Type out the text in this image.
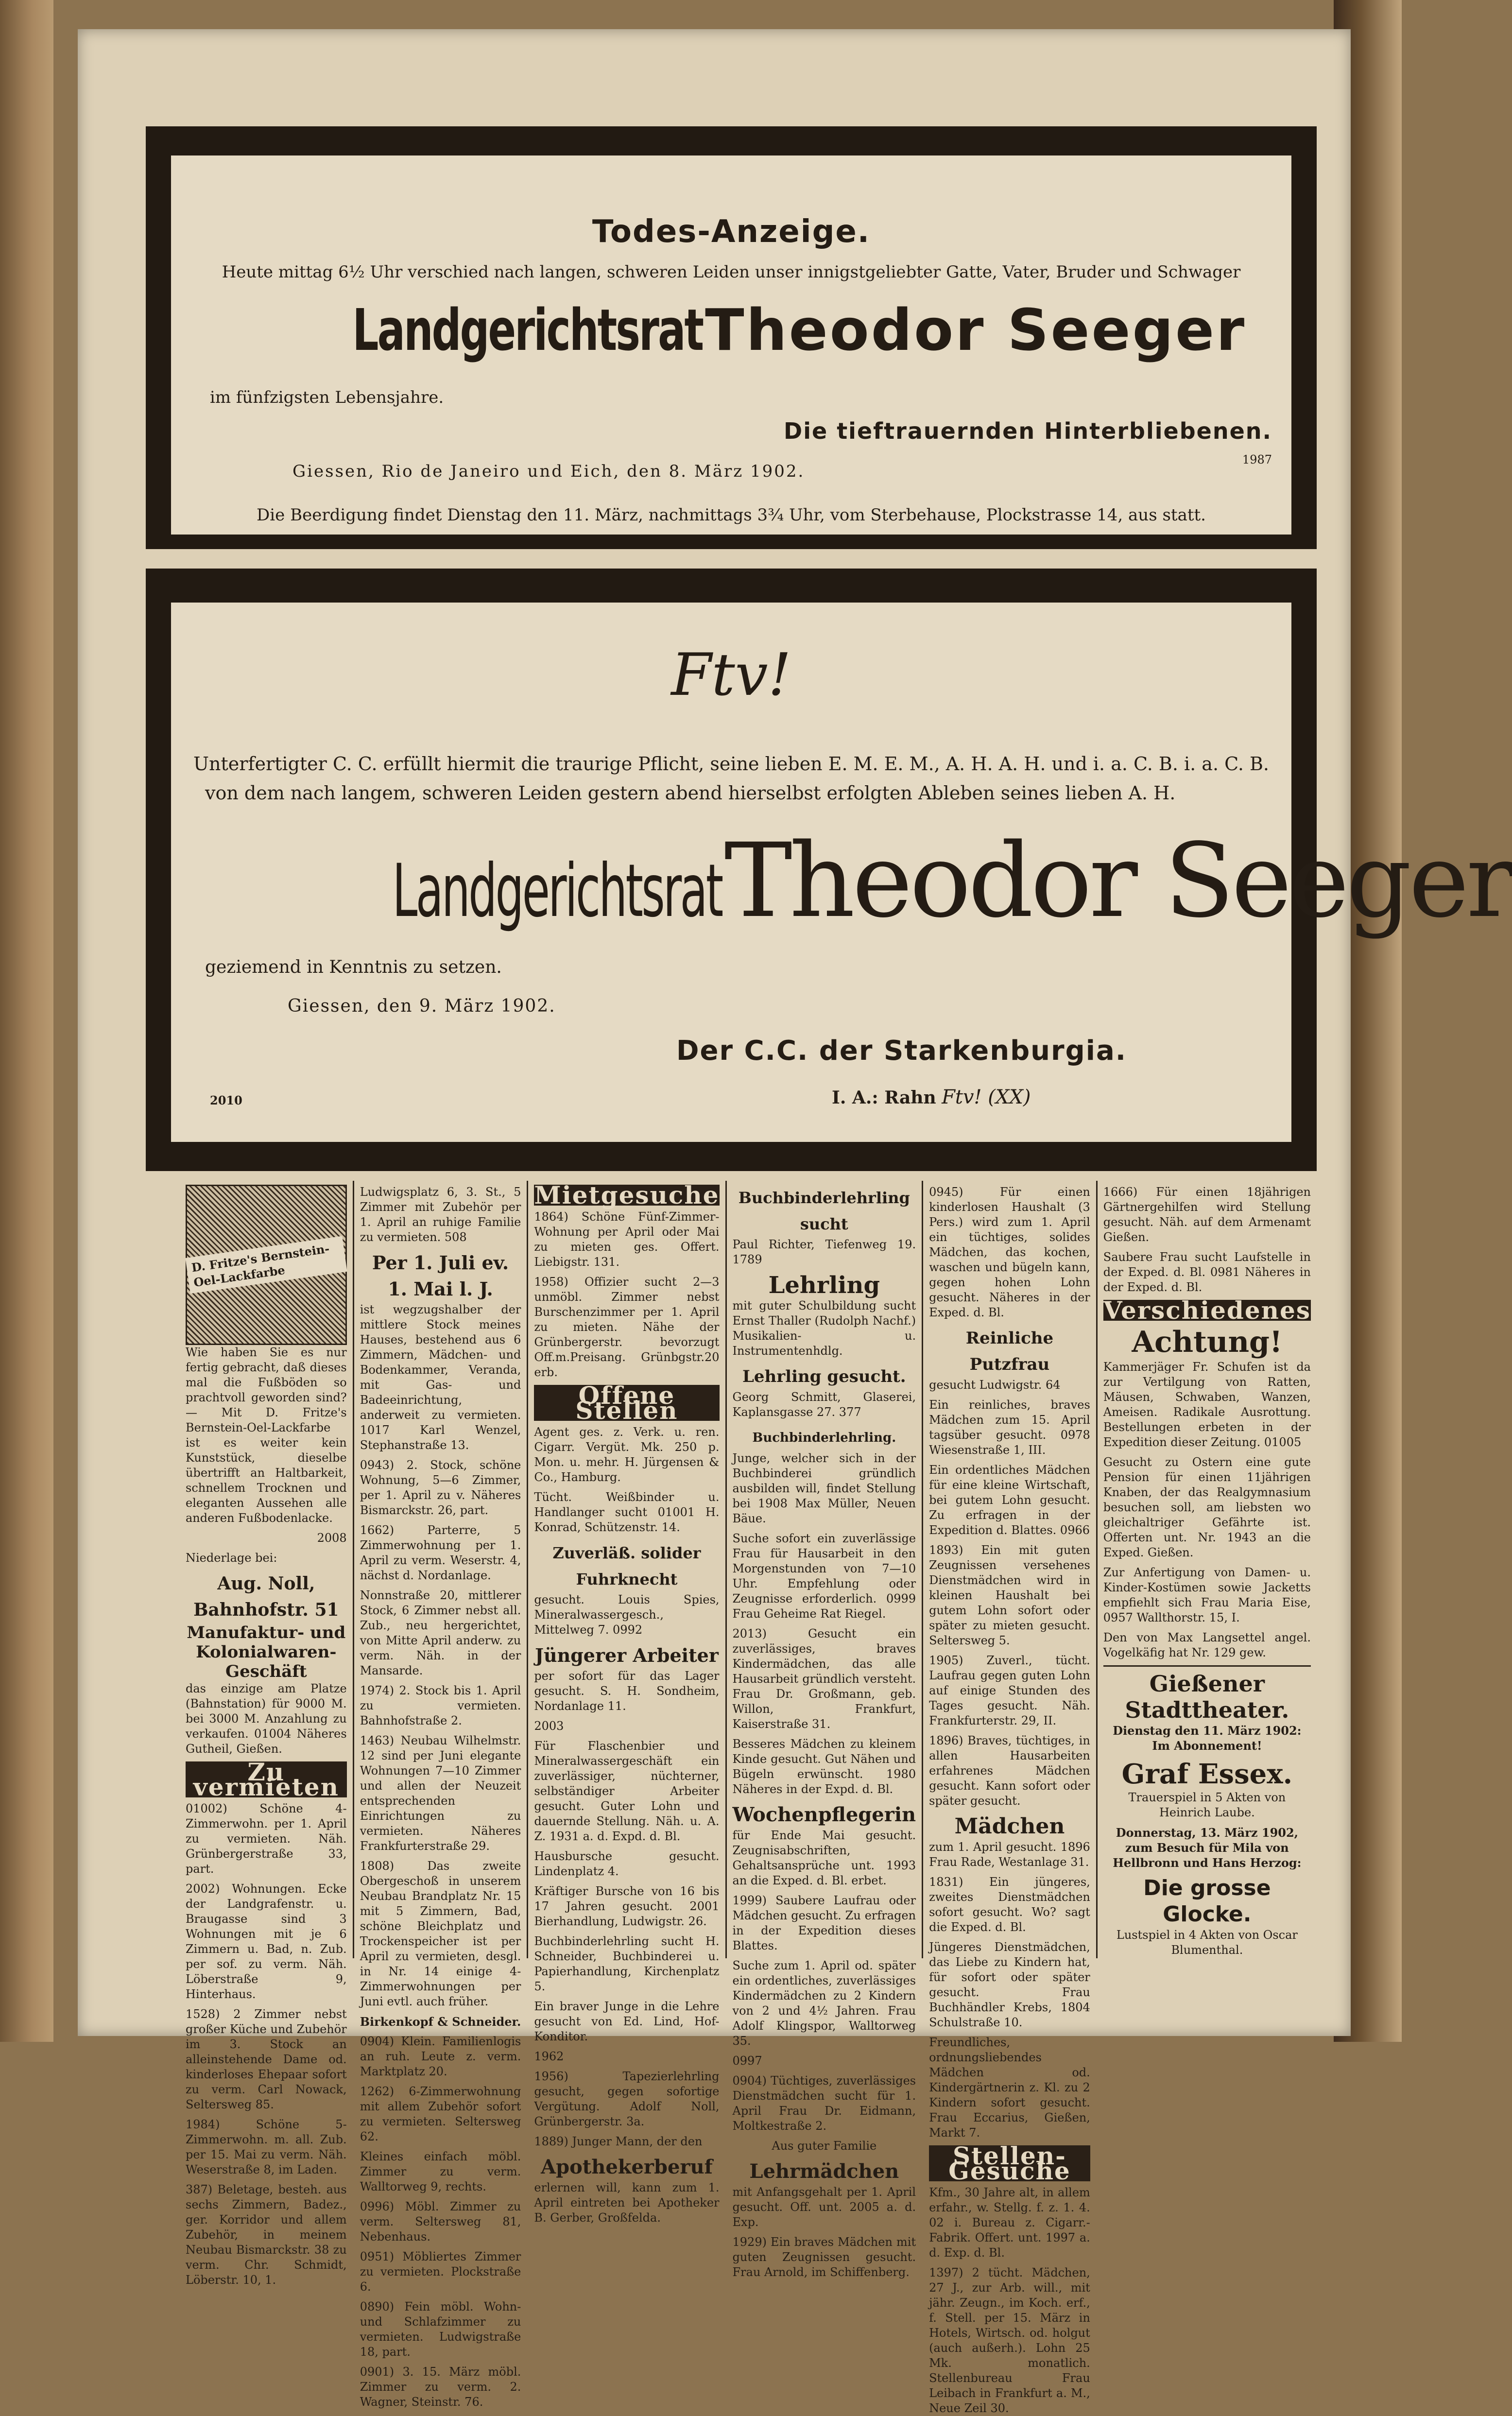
Todes-Anzeige.
Heute mittag 6½ Uhr verschied nach langen, schweren Leiden unser innigstgeliebter Gatte, Vater, Bruder und Schwager
Landgerichtsrat Theodor Seeger
im fünfzigsten Lebensjahre.
Die tieftrauernden Hinterbliebenen.
Giessen, Rio de Janeiro und Eich, den 8. März 1902.
1987
Die Beerdigung findet Dienstag den 11. März, nachmittags 3¾ Uhr, vom Sterbehause, Plockstrasse 14, aus statt.
Ftv!
Unterfertigter C. C. erfüllt hiermit die traurige Pflicht, seine lieben E. M. E. M., A. H. A. H. und i. a. C. B. i. a. C. B.
von dem nach langem, schweren Leiden gestern abend hierselbst erfolgten Ableben seines lieben A. H.
Landgerichtsrat Theodor Seeger
geziemend in Kenntnis zu setzen.
Giessen, den 9. März 1902.
Der C.C. der Starkenburgia.
I. A.: Rahn Ftv! (XX)
2010
D. Fritze's Bernstein-Oel-Lackfarbe

Wie haben Sie es nur fertig gebracht, daß dieses mal die Fußböden so prachtvoll geworden sind? — Mit D. Fritze's Bernstein-Oel-Lackfarbe ist es weiter kein Kunststück, dieselbe übertrifft an Haltbarkeit, schnellem Trocknen und eleganten Aussehen alle anderen Fußbodenlacke.

2008

Niederlage bei:

Aug. Noll, Bahnhofstr. 51
Manufaktur- und Kolonialwaren-Geschäft

das einzige am Platze (Bahnstation) für 9000 M. bei 3000 M. Anzahlung zu verkaufen. 01004 Näheres Gutheil, Gießen.

Zu vermieten

01002) Schöne 4-Zimmerwohn. per 1. April zu vermieten. Näh. Grünbergerstraße 33, part.

2002) Wohnungen. Ecke der Landgrafenstr. u. Braugasse sind 3 Wohnungen mit je 6 Zimmern u. Bad, n. Zub. per sof. zu verm. Näh. Löberstraße 9, Hinterhaus.

1528) 2 Zimmer nebst großer Küche und Zubehör im 3. Stock an alleinstehende Dame od. kinderloses Ehepaar sofort zu verm. Carl Nowack, Seltersweg 85.

1984) Schöne 5-Zimmerwohn. m. all. Zub. per 15. Mai zu verm. Näh. Weserstraße 8, im Laden.

387) Beletage, besteh. aus sechs Zimmern, Badez., ger. Korridor und allem Zubehör, in meinem Neubau Bismarckstr. 38 zu verm. Chr. Schmidt, Löberstr. 10, 1.

Ludwigsplatz 6, 3. St., 5 Zimmer mit Zubehör per 1. April an ruhige Familie zu vermieten. 508

Per 1. Juli ev. 1. Mai l. J.

ist wegzugshalber der mittlere Stock meines Hauses, bestehend aus 6 Zimmern, Mädchen- und Bodenkammer, Veranda, mit Gas- und Badeeinrichtung, anderweit zu vermieten. 1017 Karl Wenzel, Stephanstraße 13.

0943) 2. Stock, schöne Wohnung, 5—6 Zimmer, per 1. April zu v. Näheres Bismarckstr. 26, part.

1662) Parterre, 5 Zimmerwohnung per 1. April zu verm. Weserstr. 4, nächst d. Nordanlage.

Nonnstraße 20, mittlerer Stock, 6 Zimmer nebst all. Zub., neu hergerichtet, von Mitte April anderw. zu verm. Näh. in der Mansarde.

1974) 2. Stock bis 1. April zu vermieten. Bahnhofstraße 2.

1463) Neubau Wilhelmstr. 12 sind per Juni elegante Wohnungen 7—10 Zimmer und allen der Neuzeit entsprechenden Einrichtungen zu vermieten. Näheres Frankfurterstraße 29.

1808) Das zweite Obergeschoß in unserem Neubau Brandplatz Nr. 15 mit 5 Zimmern, Bad, schöne Bleichplatz und Trockenspeicher ist per April zu vermieten, desgl. in Nr. 14 einige 4-Zimmerwohnungen per Juni evtl. auch früher.

Birkenkopf & Schneider.

0904) Klein. Familienlogis an ruh. Leute z. verm. Marktplatz 20.

1262) 6-Zimmerwohnung mit allem Zubehör sofort zu vermieten. Seltersweg 62.

Kleines einfach möbl. Zimmer zu verm. Walltorweg 9, rechts.

0996) Möbl. Zimmer zu verm. Seltersweg 81, Nebenhaus.

0951) Möbliertes Zimmer zu vermieten. Plockstraße 6.

0890) Fein möbl. Wohn- und Schlafzimmer zu vermieten. Ludwigstraße 18, part.

0901) 3. 15. März möbl. Zimmer zu verm. 2. Wagner, Steinstr. 76.

Mietgesuche

1864) Schöne Fünf-Zimmer-Wohnung per April oder Mai zu mieten ges. Offert. Liebigstr. 131.

1958) Offizier sucht 2—3 unmöbl. Zimmer nebst Burschenzimmer per 1. April zu mieten. Nähe der Grünbergerstr. bevorzugt Off.m.Preisang. Grünbgstr.20 erb.

Offene Stellen

Agent ges. z. Verk. u. ren. Cigarr. Vergüt. Mk. 250 p. Mon. u. mehr. H. Jürgensen & Co., Hamburg.

Tücht. Weißbinder u. Handlanger sucht 01001 H. Konrad, Schützenstr. 14.

Zuverläß. solider Fuhrknecht

gesucht. Louis Spies, Mineralwassergesch., Mittelweg 7. 0992

Jüngerer Arbeiter

per sofort für das Lager gesucht. S. H. Sondheim, Nordanlage 11.

2003

Für Flaschenbier und Mineralwassergeschäft ein zuverlässiger, nüchterner, selbständiger Arbeiter gesucht. Guter Lohn und dauernde Stellung. Näh. u. A. Z. 1931 a. d. Expd. d. Bl.

Hausbursche gesucht. Lindenplatz 4.

Kräftiger Bursche von 16 bis 17 Jahren gesucht. 2001 Bierhandlung, Ludwigstr. 26.

Buchbinderlehrling sucht H. Schneider, Buchbinderei u. Papierhandlung, Kirchenplatz 5.

Ein braver Junge in die Lehre gesucht von Ed. Lind, Hof-Konditor.

1962

1956) Tapezierlehrling gesucht, gegen sofortige Vergütung. Adolf Noll, Grünbergerstr. 3a.

1889) Junger Mann, der den

Apothekerberuf

erlernen will, kann zum 1. April eintreten bei Apotheker B. Gerber, Großfelda.

Buchbinderlehrling sucht

Paul Richter, Tiefenweg 19. 1789

Lehrling

mit guter Schulbildung sucht Ernst Thaller (Rudolph Nachf.) Musikalien- u. Instrumentenhdlg.

Lehrling gesucht.

Georg Schmitt, Glaserei, Kaplansgasse 27. 377

Buchbinderlehrling.

Junge, welcher sich in der Buchbinderei gründlich ausbilden will, findet Stellung bei 1908 Max Müller, Neuen Bäue.

Suche sofort ein zuverlässige Frau für Hausarbeit in den Morgenstunden von 7—10 Uhr. Empfehlung oder Zeugnisse erforderlich. 0999 Frau Geheime Rat Riegel.

2013) Gesucht ein zuverlässiges, braves Kindermädchen, das alle Hausarbeit gründlich versteht. Frau Dr. Großmann, geb. Willon, Frankfurt, Kaiserstraße 31.

Besseres Mädchen zu kleinem Kinde gesucht. Gut Nähen und Bügeln erwünscht. 1980 Näheres in der Expd. d. Bl.

Wochenpflegerin

für Ende Mai gesucht. Zeugnisabschriften, Gehaltsansprüche unt. 1993 an die Exped. d. Bl. erbet.

1999) Saubere Laufrau oder Mädchen gesucht. Zu erfragen in der Expedition dieses Blattes.

Suche zum 1. April od. später ein ordentliches, zuverlässiges Kindermädchen zu 2 Kindern von 2 und 4½ Jahren. Frau Adolf Klingspor, Walltorweg 35.

0997

0904) Tüchtiges, zuverlässiges Dienstmädchen sucht für 1. April Frau Dr. Eidmann, Moltkestraße 2.

Aus guter Familie

Lehrmädchen

mit Anfangsgehalt per 1. April gesucht. Off. unt. 2005 a. d. Exp.

1929) Ein braves Mädchen mit guten Zeugnissen gesucht. Frau Arnold, im Schiffenberg.

0945) Für einen kinderlosen Haushalt (3 Pers.) wird zum 1. April ein tüchtiges, solides Mädchen, das kochen, waschen und bügeln kann, gegen hohen Lohn gesucht. Näheres in der Exped. d. Bl.

Reinliche Putzfrau

gesucht Ludwigstr. 64

Ein reinliches, braves Mädchen zum 15. April tagsüber gesucht. 0978 Wiesenstraße 1, III.

Ein ordentliches Mädchen für eine kleine Wirtschaft, bei gutem Lohn gesucht. Zu erfragen in der Expedition d. Blattes. 0966

1893) Ein mit guten Zeugnissen versehenes Dienstmädchen wird in kleinen Haushalt bei gutem Lohn sofort oder später zu mieten gesucht. Seltersweg 5.

1905) Zuverl., tücht. Laufrau gegen guten Lohn auf einige Stunden des Tages gesucht. Näh. Frankfurterstr. 29, II.

1896) Braves, tüchtiges, in allen Hausarbeiten erfahrenes Mädchen gesucht. Kann sofort oder später gesucht.

Mädchen

zum 1. April gesucht. 1896 Frau Rade, Westanlage 31.

1831) Ein jüngeres, zweites Dienstmädchen sofort gesucht. Wo? sagt die Exped. d. Bl.

Jüngeres Dienstmädchen, das Liebe zu Kindern hat, für sofort oder später gesucht. Frau Buchhändler Krebs, 1804 Schulstraße 10.

Freundliches, ordnungsliebendes Mädchen od. Kindergärtnerin z. Kl. zu 2 Kindern sofort gesucht. Frau Eccarius, Gießen, Markt 7.

Stellen-Gesuche

Kfm., 30 Jahre alt, in allem erfahr., w. Stellg. f. z. 1. 4. 02 i. Bureau z. Cigarr.-Fabrik. Offert. unt. 1997 a. d. Exp. d. Bl.

1397) 2 tücht. Mädchen, 27 J., zur Arb. will., mit jähr. Zeugn., im Koch. erf., f. Stell. per 15. März in Hotels, Wirtsch. od. holgut (auch außerh.). Lohn 25 Mk. monatlich. Stellenbureau Frau Leibach in Frankfurt a. M., Neue Zeil 30.

1666) Für einen 18jährigen Gärtnergehilfen wird Stellung gesucht. Näh. auf dem Armenamt Gießen.

Saubere Frau sucht Laufstelle in der Exped. d. Bl. 0981 Näheres in der Exped. d. Bl.

Verschiedenes
Achtung!

Kammerjäger Fr. Schufen ist da zur Vertilgung von Ratten, Mäusen, Schwaben, Wanzen, Ameisen. Radikale Ausrottung. Bestellungen erbeten in der Expedition dieser Zeitung. 01005

Gesucht zu Ostern eine gute Pension für einen 11jährigen Knaben, der das Realgymnasium besuchen soll, am liebsten wo gleichaltriger Gefährte ist. Offerten unt. Nr. 1943 an die Exped. Gießen.

Zur Anfertigung von Damen- u. Kinder-Kostümen sowie Jacketts empfiehlt sich Frau Maria Eise, 0957 Wallthorstr. 15, I.

Den von Max Langsettel angel. Vogelkäfig hat Nr. 129 gew.

Gießener Stadttheater.

Dienstag den 11. März 1902: Im Abonnement!

Graf Essex.

Trauerspiel in 5 Akten von Heinrich Laube.

Donnerstag, 13. März 1902, zum Besuch für Mila von Hellbronn und Hans Herzog:

Die grosse Glocke.

Lustspiel in 4 Akten von Oscar Blumenthal.
